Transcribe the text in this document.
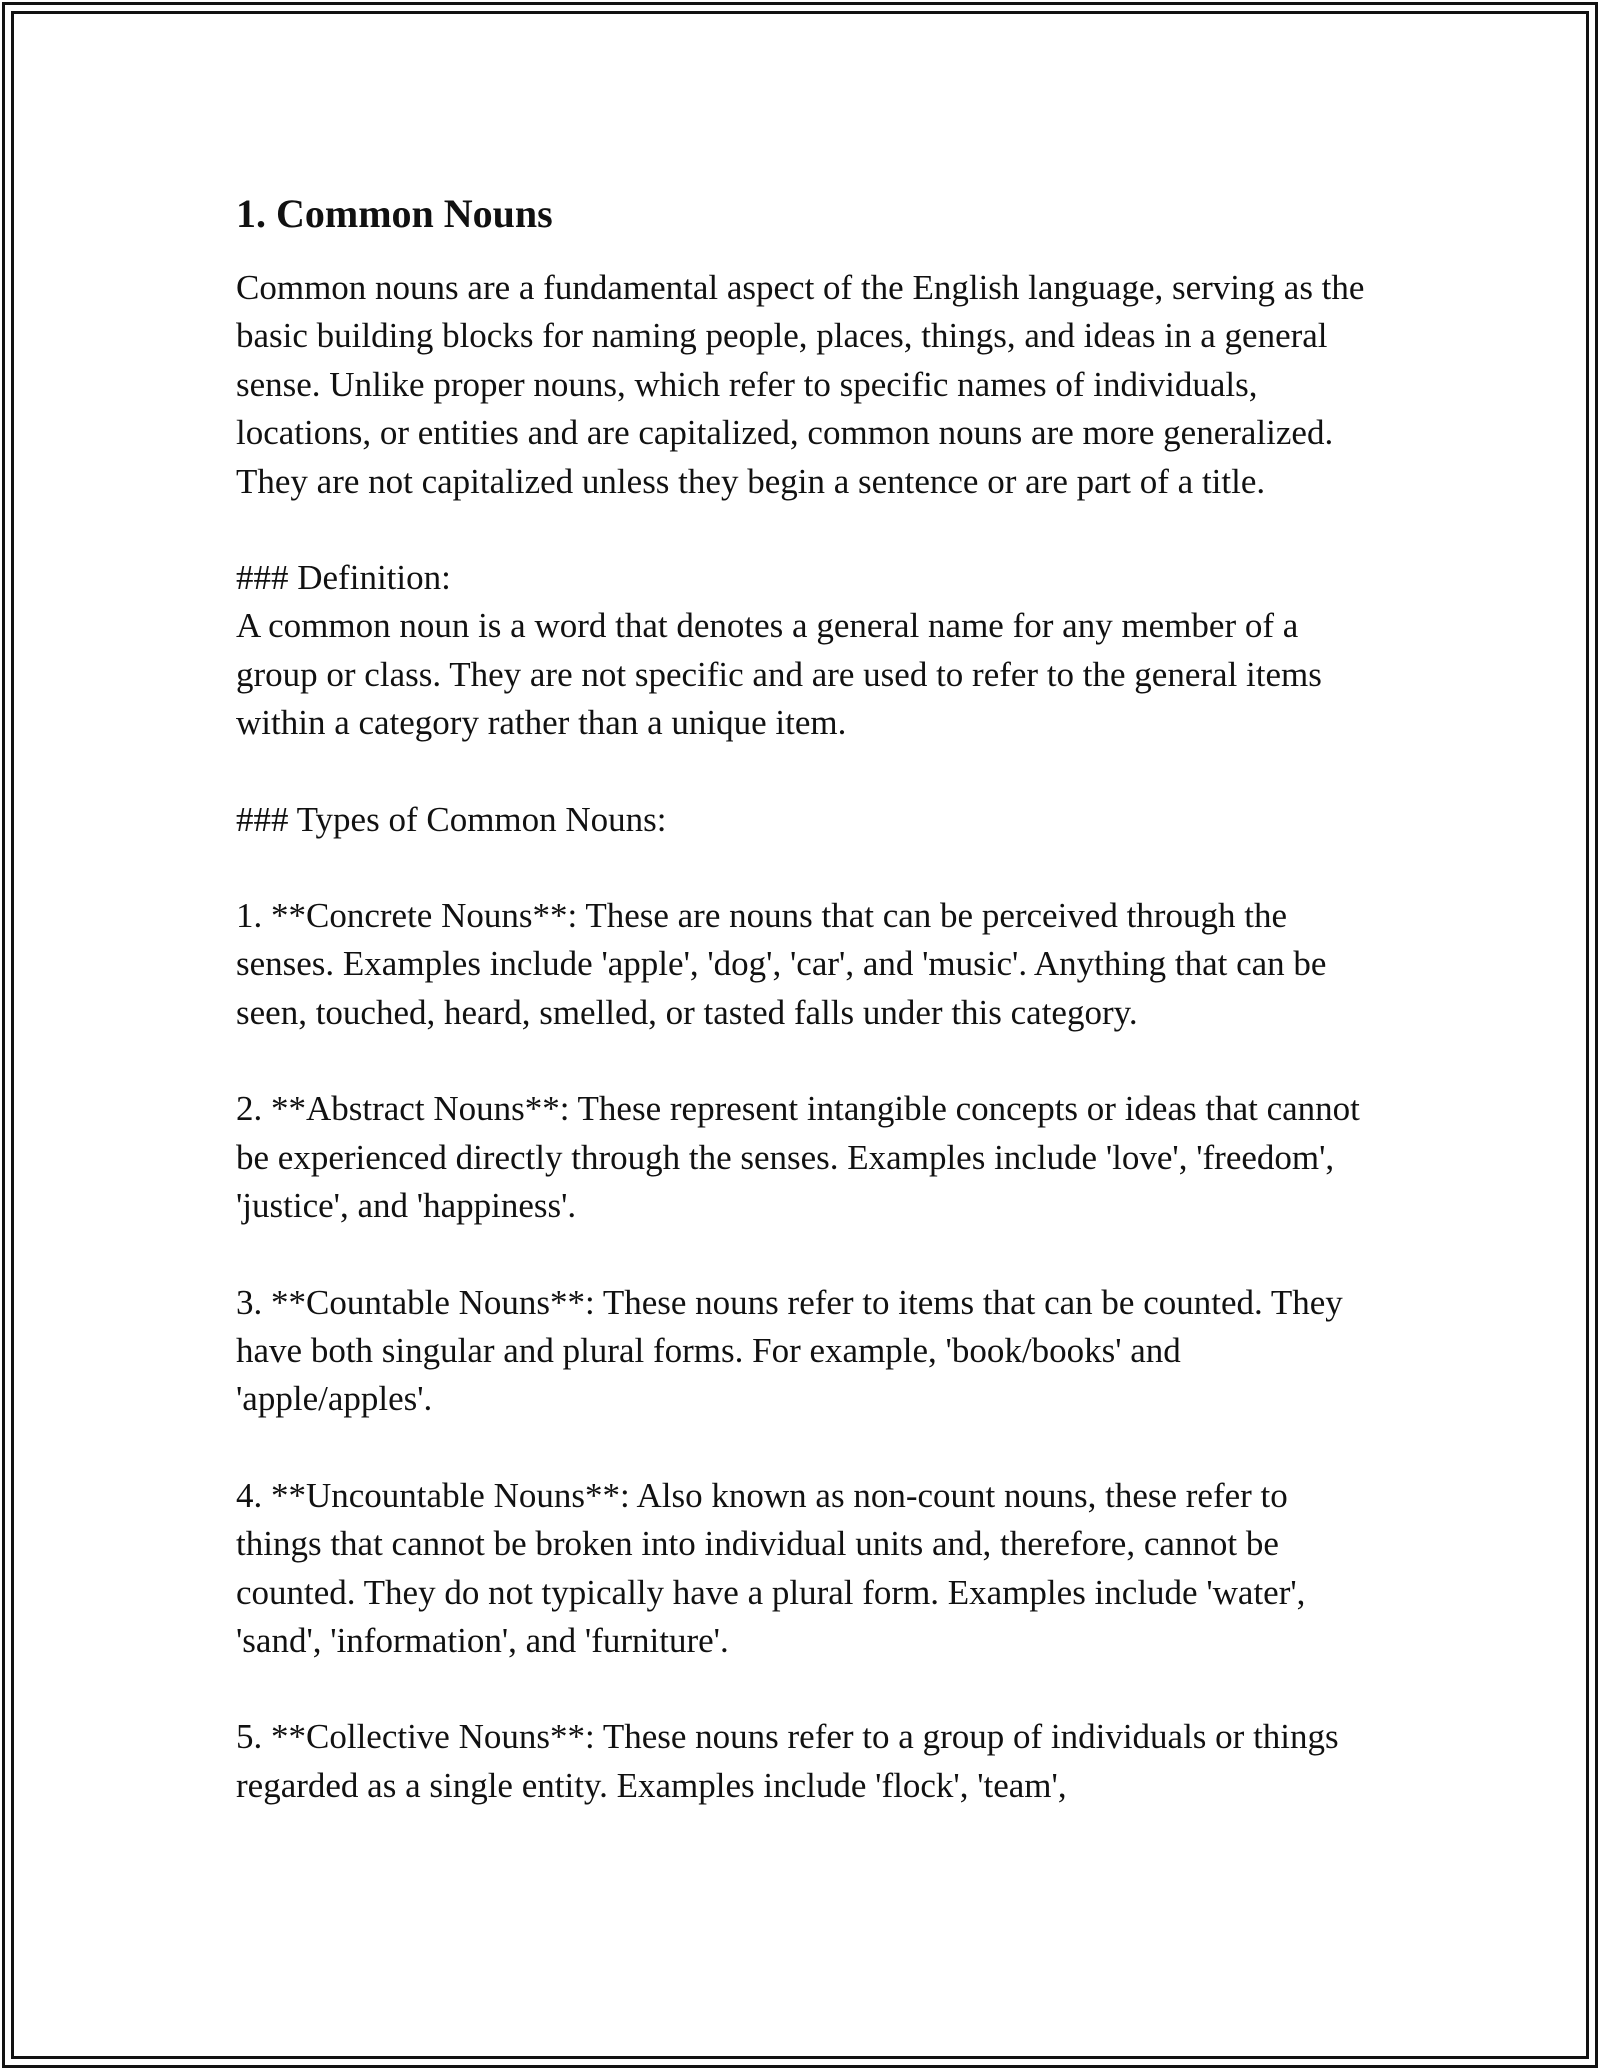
1. Common Nouns

Common nouns are a fundamental aspect of the English language, serving as the basic building blocks for naming people, places, things, and ideas in a general sense. Unlike proper nouns, which refer to specific names of individuals, locations, or entities and are capitalized, common nouns are more generalized. They are not capitalized unless they begin a sentence or are part of a title.

### Definition:

A common noun is a word that denotes a general name for any member of a group or class. They are not specific and are used to refer to the general items within a category rather than a unique item.

### Types of Common Nouns:

1. **Concrete Nouns**: These are nouns that can be perceived through the senses. Examples include 'apple', 'dog', 'car', and 'music'. Anything that can be seen, touched, heard, smelled, or tasted falls under this category.

2. **Abstract Nouns**: These represent intangible concepts or ideas that cannot be experienced directly through the senses. Examples include 'love', 'freedom', 'justice', and 'happiness'.

3. **Countable Nouns**: These nouns refer to items that can be counted. They have both singular and plural forms. For example, 'book/books' and 'apple/apples'.

4. **Uncountable Nouns**: Also known as non-count nouns, these refer to things that cannot be broken into individual units and, therefore, cannot be counted. They do not typically have a plural form. Examples include 'water', 'sand', 'information', and 'furniture'.

5. **Collective Nouns**: These nouns refer to a group of individuals or things regarded as a single entity. Examples include 'flock', 'team',
